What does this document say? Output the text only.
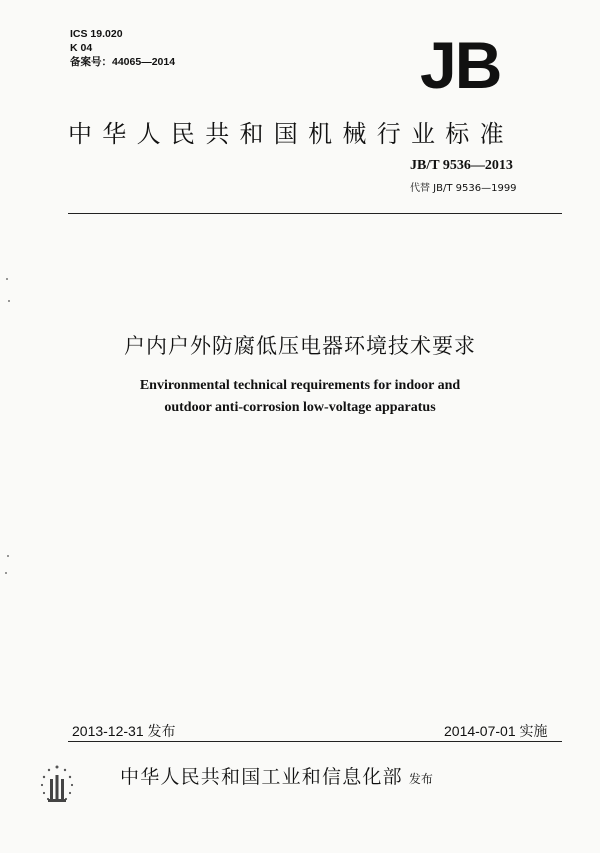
ICS 19.020
K 04
备案号：44065—2014	JB
中华人民共和国机械行业标准
JB/T 9536—2013
代替 JB/T 9536—1999
户内户外防腐低压电器环境技术要求
Environmental technical requirements for indoor and
outdoor anti-corrosion low-voltage apparatus
2013-12-31 发布	2014-07-01 实施
中华人民共和国工业和信息化部 发布
